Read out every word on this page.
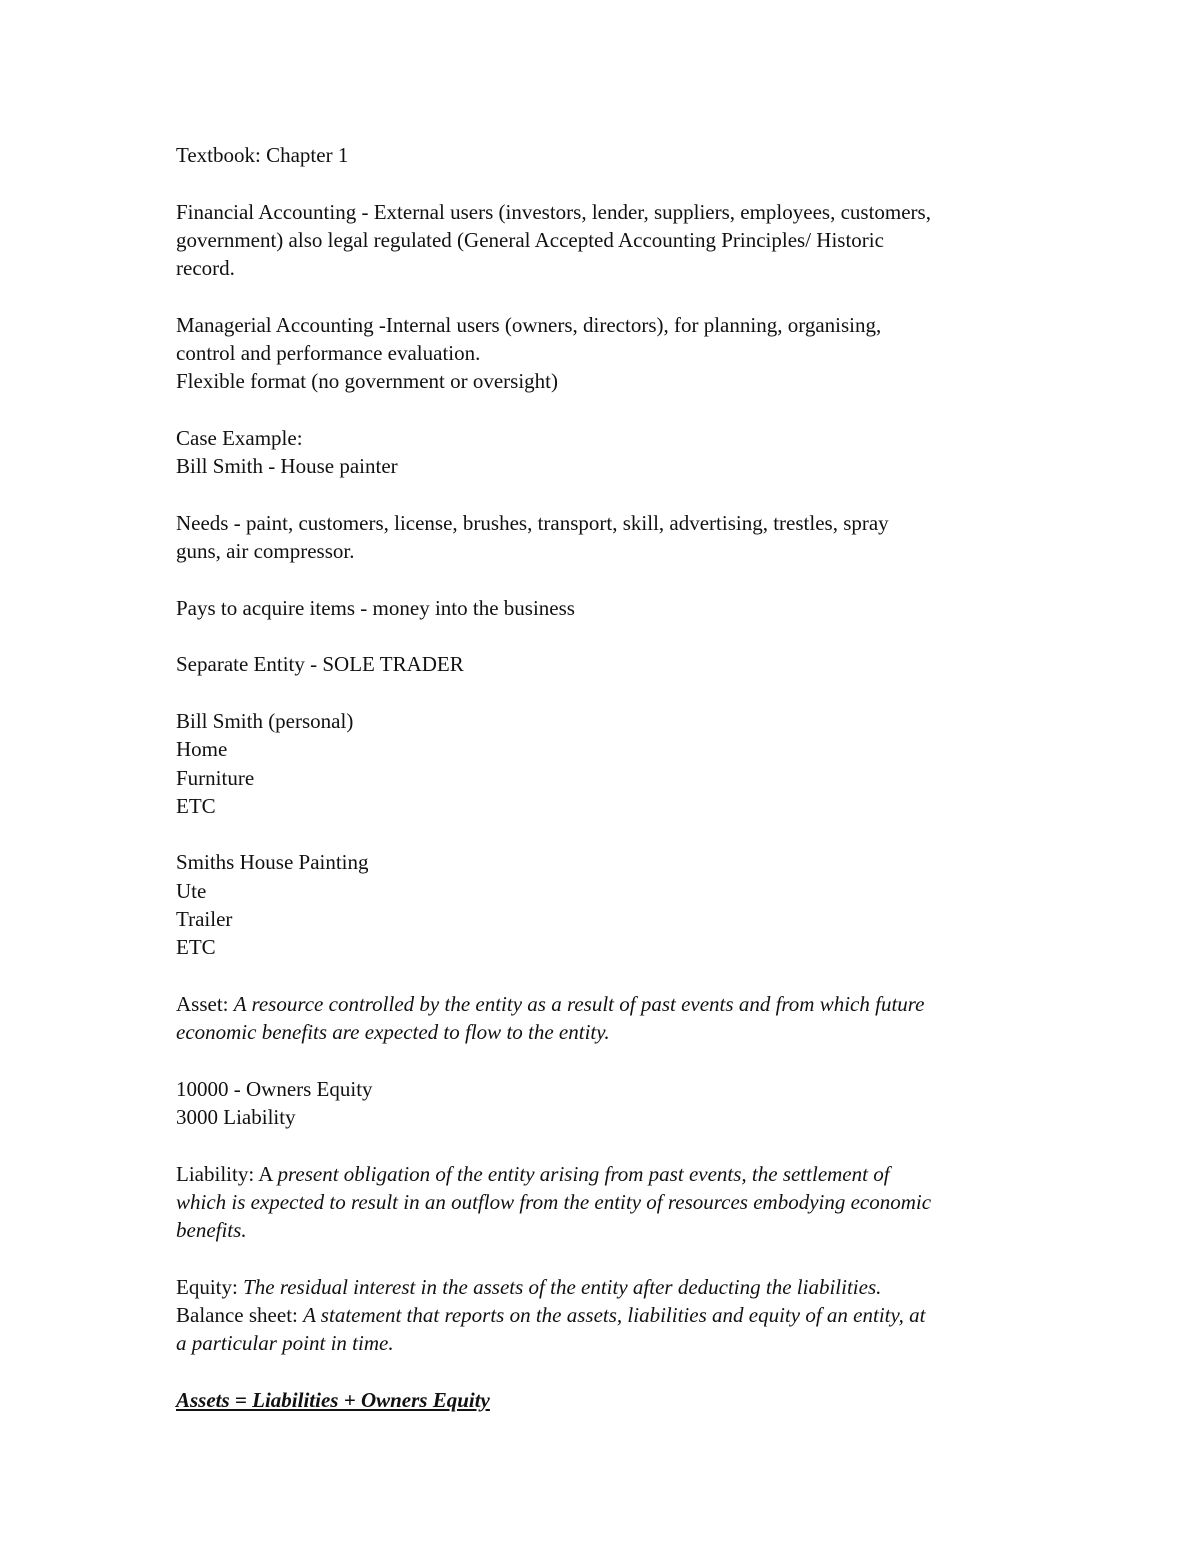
Textbook: Chapter 1

Financial Accounting - External users (investors, lender, suppliers, employees, customers,
government) also legal regulated (General Accepted Accounting Principles/ Historic
record.

Managerial Accounting -Internal users (owners, directors), for planning, organising,
control and performance evaluation.
Flexible format (no government or oversight)

Case Example:
Bill Smith - House painter

Needs - paint, customers, license, brushes, transport, skill, advertising, trestles, spray
guns, air compressor.

Pays to acquire items - money into the business

Separate Entity - SOLE TRADER

Bill Smith (personal)
Home
Furniture
ETC

Smiths House Painting
Ute
Trailer
ETC

Asset: A resource controlled by the entity as a result of past events and from which future
economic benefits are expected to flow to the entity.

10000 - Owners Equity
3000 Liability

Liability: A present obligation of the entity arising from past events, the settlement of
which is expected to result in an outflow from the entity of resources embodying economic
benefits.

Equity: The residual interest in the assets of the entity after deducting the liabilities.
Balance sheet: A statement that reports on the assets, liabilities and equity of an entity, at
a particular point in time.

Assets = Liabilities + Owners Equity
